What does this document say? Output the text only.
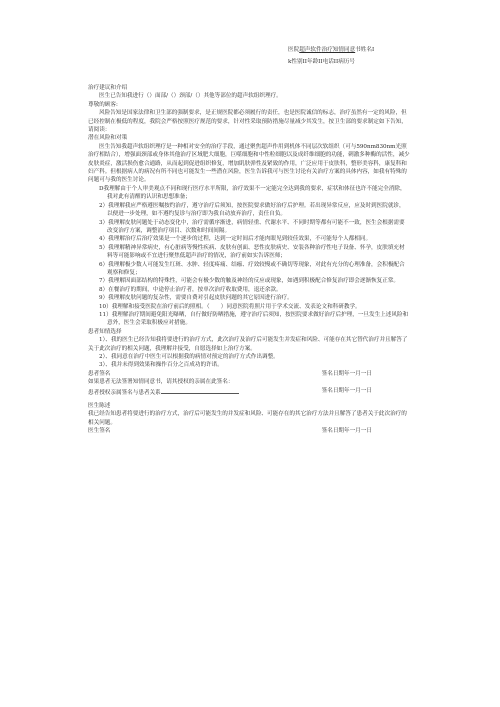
医院超声软件治疗知情同意书姓名I
k性别II年龄II电话II病历号

治疗建议和介绍

医生已告知我进行（）面部/（）颈部/（）其他等部位的超声软组织理疗。

尊敬的顾客:

风险告知是国家法律和卫生部的强制要求，是正规医院都必须履行的责任，也是医院诚信的标志，治疗虽然有一定的风险，但已经控制在极低的程度，我院会严格按照医疗规范的要求，针对性采取预防措施尽量减少其发生，按卫生部的要求制定如下告知，请阅读：

潜在风险和对策

医生告知我超声软组织理疗是一种相对安全的治疗手段，通过聚焦超声作用到机体不同层次软组织（可与590nm830nm光照治疗相结合），增强面颈部或身体其他治疗区域肥大细胞，巨噬细胞和中性粒细胞以及成纤维细胞的功能，刺激多种酶的活性，减少皮肤炎症，激活损伤愈合通路，从而起到促进组织修复，增加肌肤弹性及紧致的作用，广泛应用于皮肤科，整形美容科，康复科和妇产科。但根据病人的病况有所不同也可能发生一些潜在风险，医生告诉我可与医生讨论有关治疗方案的具体内容，如我有特殊的问题可与我的医生讨论。

D我理解由于个人审美观点不同和现行医疗水平所限，治疗效果不一定能完全达到我的要求，症状和体征也许不能完全消除，我对此有清醒的认识和思想准备；

2）我理解我应严格遵医嘱按约治疗，遵守治疗后须知，按医院要求做好治疗后护理。若出现异常反应，应及时到医院就诊，以便进一步处理，如不遵约复诊与治疗即为我自动放弃治疗，责任自负。

3）我理解皮肤问题处于动态变化中，治疗需循序渐进，病情轻重、代谢水平、不同时期等都有可能不一致，医生会根据需要改变治疗方案，调整治疗项目、次数和时间间隔。

4）我理解治疗后治疗效果是一个逐步的过程，达到一定时间后才能肉眼见到较佳效果，不可能每个人都相同。

5）我理解精神异常病史，有心脏病等慢性疾病、皮肤有创面、恶性皮肤病史、安装各种治疗性电子设备、怀孕，皮肤填充材料等可能影响或不宜进行聚焦低超声治疗的情况，治疗前如实告诉医师；

6）我理解极少数人可能发生红斑、水肿、轻度疼痛、结痂、疗效较慢或不确切等现象，对此有充分的心理准备，会积极配合观察和修复；

7）我理解因面部结构的特殊性，可能会有极少数的触及神经的反应或现象，如遇到积极配合修复治疗即会逐渐恢复正常。

8）在餐治疗的期间，中途停止治疗者，按单次治疗收取费用，退还余款。

9）我理解皮肤问题的复杂性，需要自费对引起皮肤问题的其它原因进行治疗。

10）我理解和接受医院在治疗前后的照相。（　　）同意医院将照片用于学术交流、发表论文和科研教学。

11）我理解治疗期间避免阳光曝晒，自行做好防晒措施，遵守治疗后须知，按医院要求做好治疗后护理，一旦发生上述风险和意外，医生会采取积极应对措施。

患者知情选择

1）、我的医生已经告知我将要进行的治疗方式，此次治疗及治疗后可能发生并发症和风险、可能存在其它替代治疗并且解答了关于此次治疗的相关问题，我理解并接受，自愿选择如上治疗方案。

2）、我同意在治疗中医生可以根据我的病情对预定的治疗方式作出调整。

3）、我并未得到效果和操作百分之百成功的许诺。

患者签名	签名日期年一月一日

如果患者无法签署知情同意书，请其授权的亲属在此签名：

患者授权亲属签名与患者关系	签名日期年一月一日

医生陈述

我已经告知患者将要进行的治疗方式，治疗后可能发生的并发症和风险、可能存在的其它治疗方法并且解答了患者关于此次治疗的相关问题。

医生签名	签名日期年一月一日
